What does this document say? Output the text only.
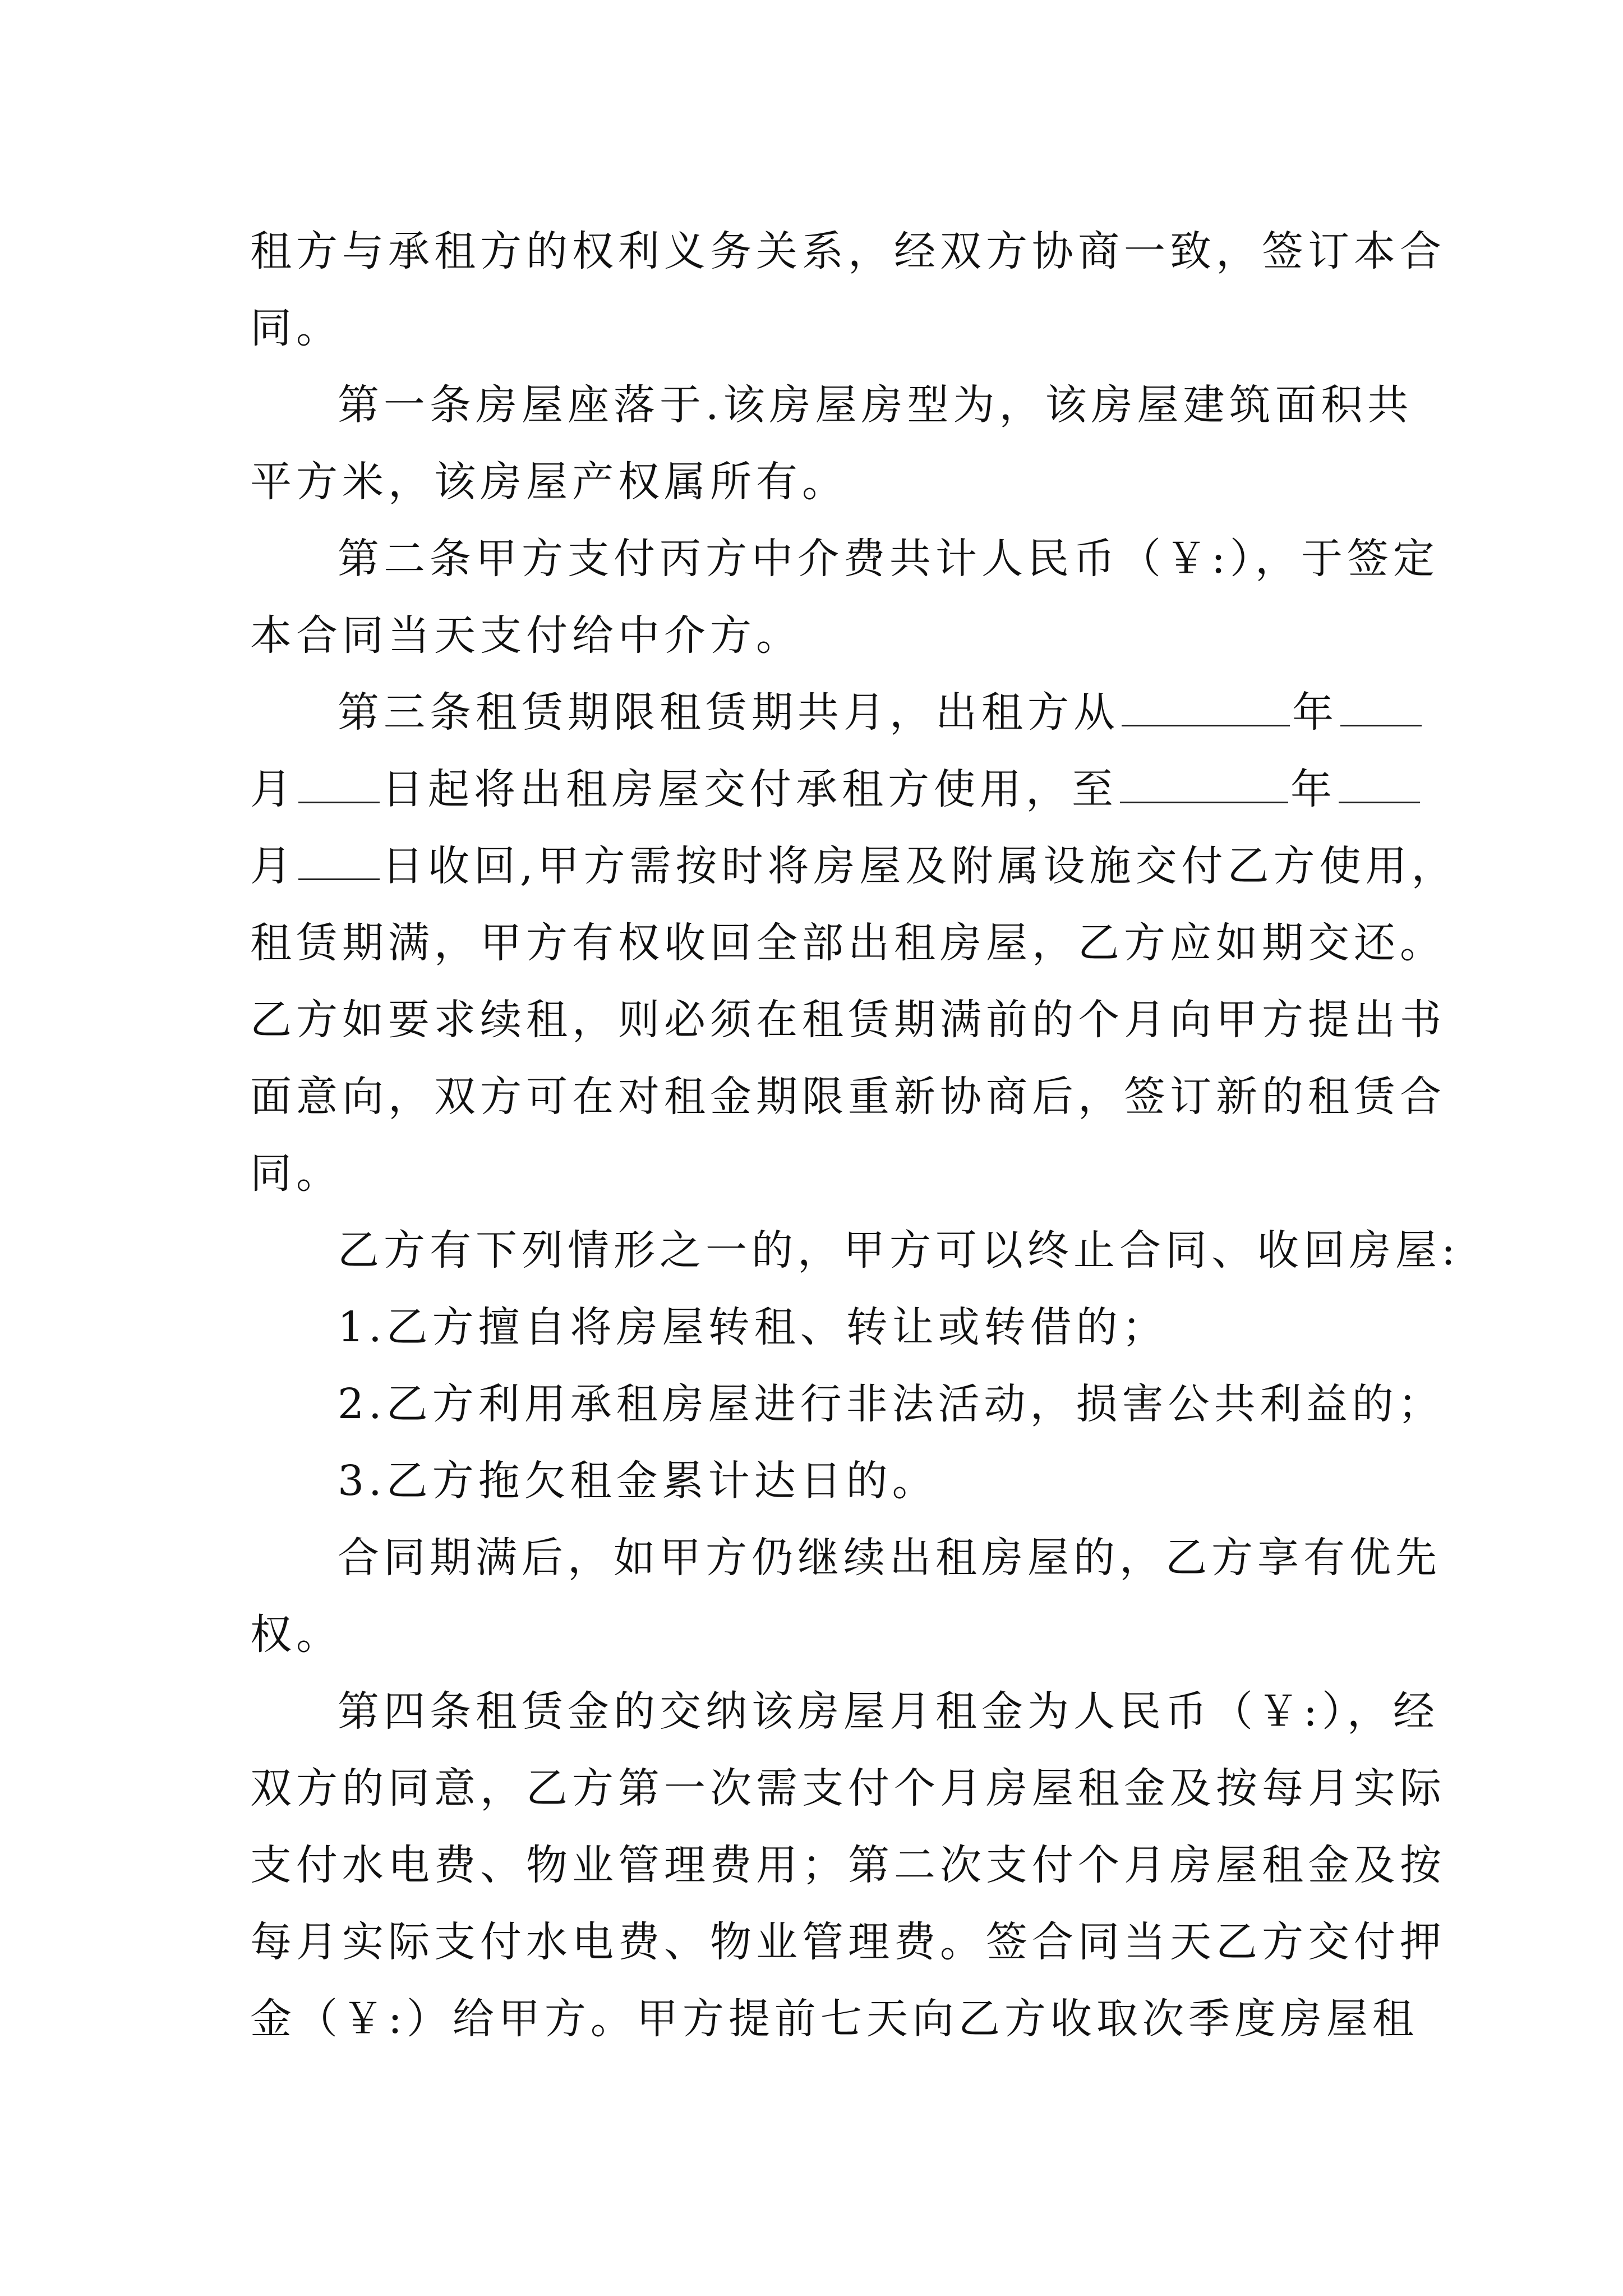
租方与承租方的权利义务关系，经双方协商一致，签订本合
同。
第一条房屋座落于.该房屋房型为，该房屋建筑面积共
平方米，该房屋产权属所有。
第二条甲方支付丙方中介费共计人民币（￥:），于签定
本合同当天支付给中介方。
第三条租赁期限租赁期共月，出租方从	年
月 日起将出租房屋交付承租方使用，至	年
月 日收回,甲方需按时将房屋及附属设施交付乙方使用，
租赁期满，甲方有权收回全部出租房屋，乙方应如期交还。
乙方如要求续租，则必须在租赁期满前的个月向甲方提出书
面意向，双方可在对租金期限重新协商后，签订新的租赁合
同。
乙方有下列情形之一的，甲方可以终止合同、收回房屋:
1.乙方擅自将房屋转租、转让或转借的；
2.乙方利用承租房屋进行非法活动，损害公共利益的；
3.乙方拖欠租金累计达日的。
合同期满后，如甲方仍继续出租房屋的，乙方享有优先
权。
第四条租赁金的交纳该房屋月租金为人民币（￥:），经
双方的同意，乙方第一次需支付个月房屋租金及按每月实际
支付水电费、物业管理费用；第二次支付个月房屋租金及按
每月实际支付水电费、物业管理费。签合同当天乙方交付押
金（￥:）给甲方。甲方提前七天向乙方收取次季度房屋租
